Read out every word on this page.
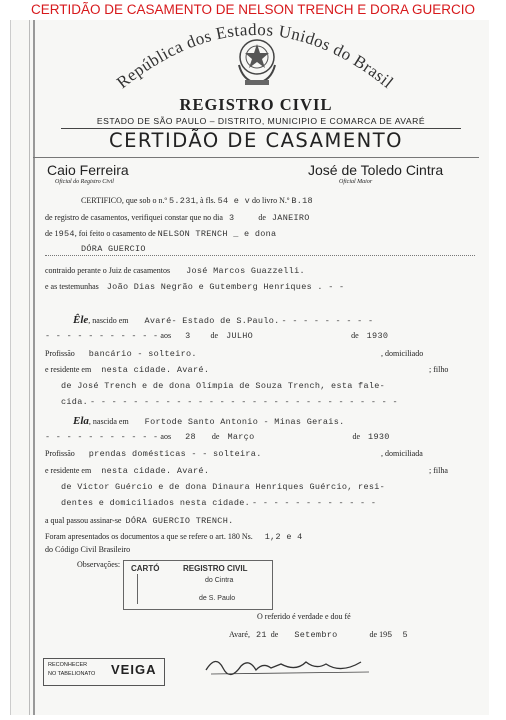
CERTIDÃO DE CASAMENTO DE NELSON TRENCH E DORA GUERCIO
República dos Estados Unidos do Brasil
REGISTRO CIVIL
ESTADO DE SÃO PAULO – DISTRITO, MUNICIPIO E COMARCA DE AVARÉ
CERTIDÃO DE CASAMENTO
Caio Ferreira
Oficial do Registro Civil
José de Toledo Cintra
Oficial Maior
CERTIFICO, que sob o n.º 5.231, à fls. 54 e v do livro N.º B.18
de registro de casamentos, verifiquei constar que no dia 3	de JANEIRO
de 1954, foi feito o casamento de NELSON TRENCH _ e dona
DÓRA GUERCIO
contraido perante o Juiz de casamentos José Marcos Guazzelli.
e as testemunhas João Dias Negrão e Gutemberg Henriques . - -
Êle, nascido em Avaré- Estado de S.Paulo. - - - - - - - - -
- - - - - - - - - - - aos 3	de JULHO	de 1930
Profissão bancário - solteiro.	, domiciliado
e residente em nesta cidade. Avaré.	; filho
de José Trench e de dona Olímpia de Souza Trench, esta fale-
cida. - - - - - - - - - - - - - - - - - - - - - - - - - - - - -
Ela, nascida em Fortode Santo Antonio - Minas Gerais.
- - - - - - - - - - - aos 28 de Março	de 1930
Profissão prendas domésticas - - solteira.	, domiciliada
e residente em nesta cidade. Avaré.	; filha
de Victor Guércio e de dona Dinaura Henriques Guércio, resi-
dentes e domiciliados nesta cidade. - - - - - - - - - - - -
a qual passou assinar-se DÓRA GUERCIO TRENCH.
Foram apresentados os documentos a que se refere o art. 180 Ns. 1,2 e 4
do Código Civil Brasileiro
Observações: CARTÓ	REGISTRO CIVIL
do Cintra
de S. Paulo
O referido é verdade e dou fé
Avaré, 21 de Setembro	de 195 5
RECONHECER
NO TABELIONATO VEIGA
